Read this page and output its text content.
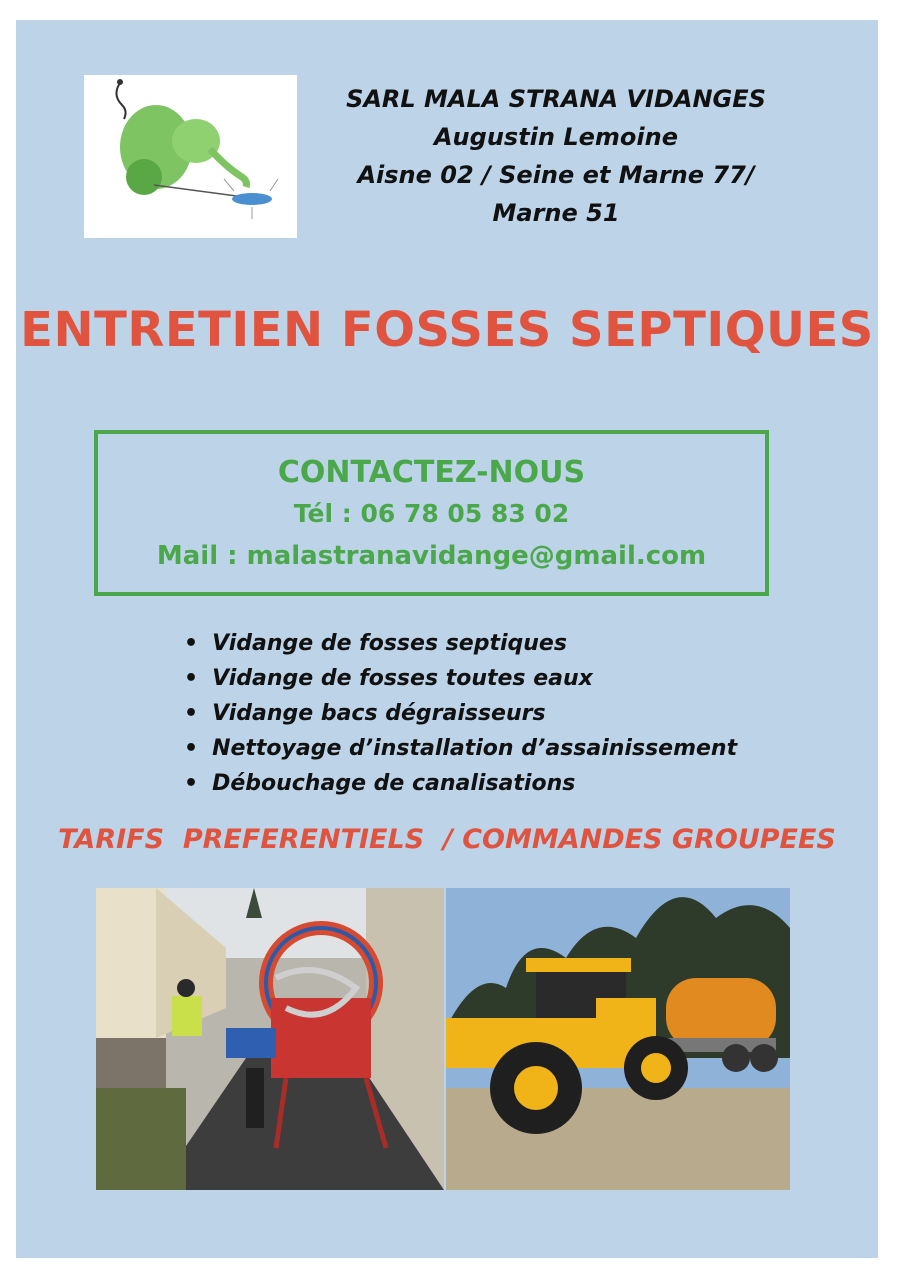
SARL MALA STRANA VIDANGES
Augustin Lemoine
Aisne 02 / Seine et Marne 77/
Marne 51
ENTRETIEN FOSSES SEPTIQUES
CONTACTEZ-NOUS
Tél : 06 78 05 83 02
Mail : malastranavidange@gmail.com
• Vidange de fosses septiques
• Vidange de fosses toutes eaux
• Vidange bacs dégraisseurs
• Nettoyage d’installation d’assainissement
• Débouchage de canalisations
TARIFS  PREFERENTIELS  / COMMANDES GROUPEES
